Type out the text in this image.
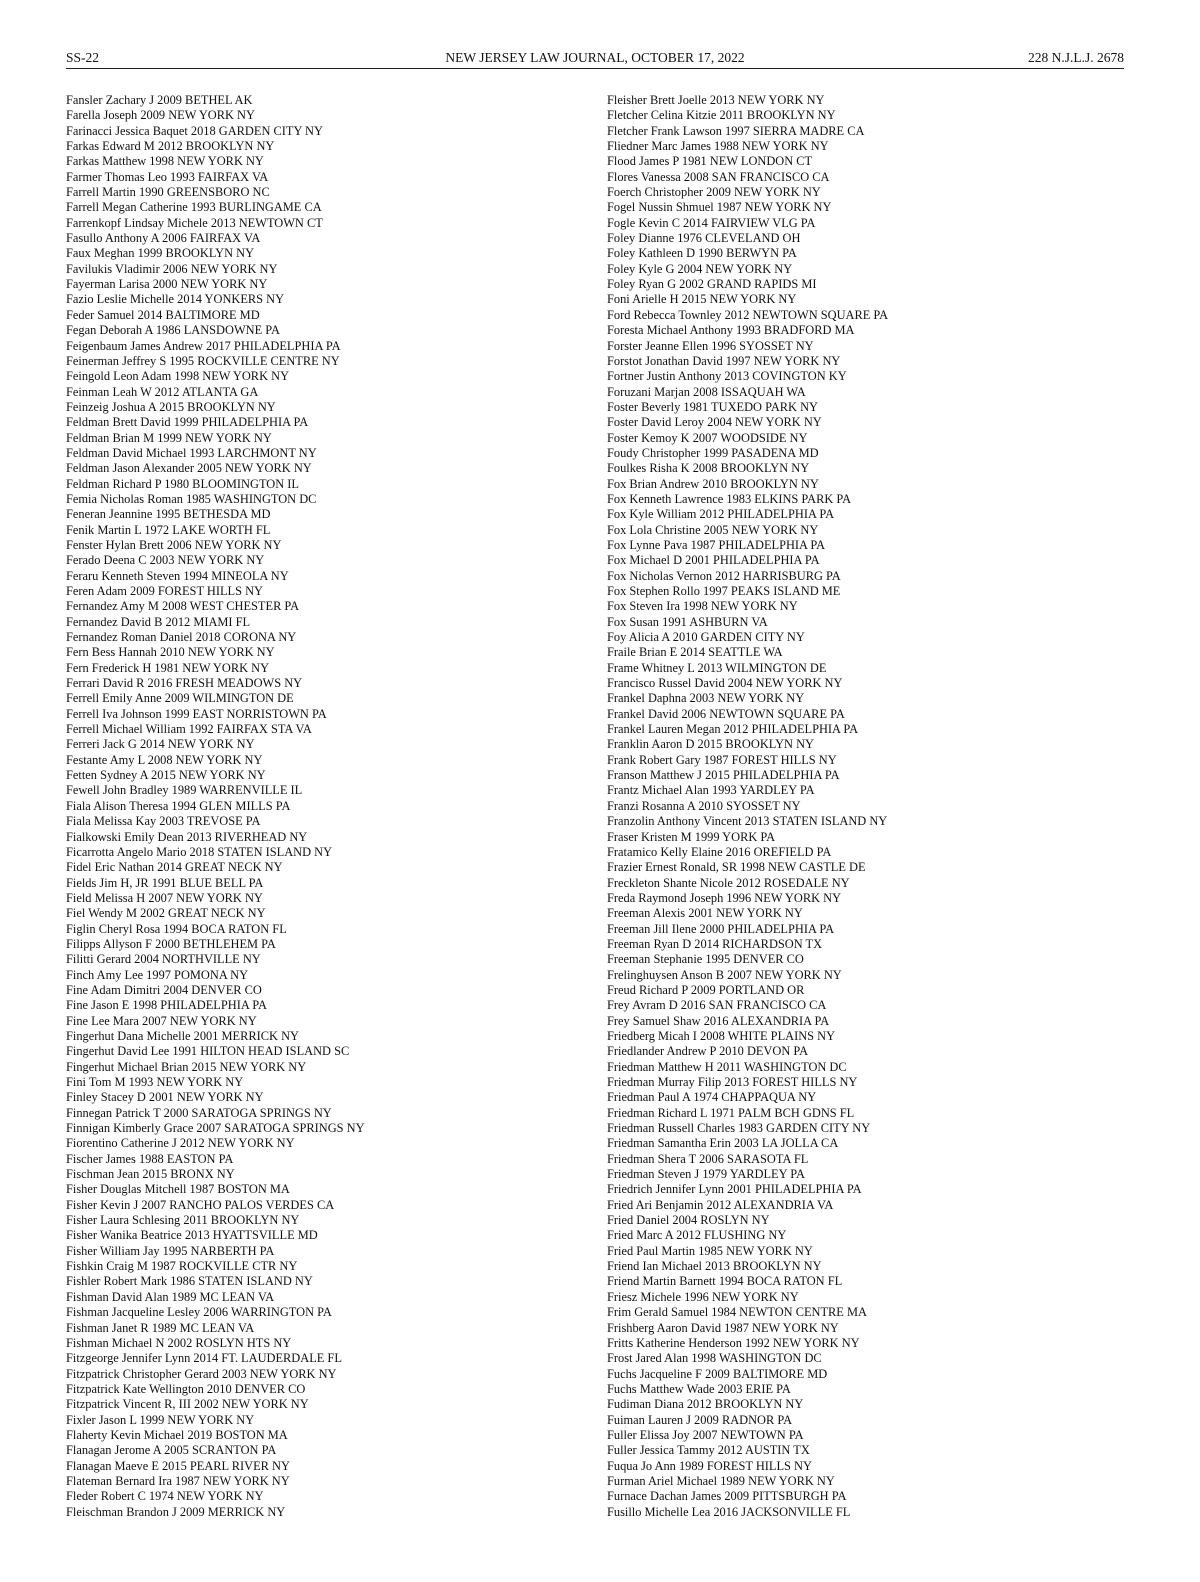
SS-22	NEW JERSEY LAW JOURNAL, OCTOBER 17, 2022	228 N.J.L.J. 2678
Fansler Zachary J 2009 BETHEL AK
Farella Joseph 2009 NEW YORK NY
Farinacci Jessica Baquet 2018 GARDEN CITY NY
Farkas Edward M 2012 BROOKLYN NY
Farkas Matthew 1998 NEW YORK NY
Farmer Thomas Leo 1993 FAIRFAX VA
Farrell Martin 1990 GREENSBORO NC
Farrell Megan Catherine 1993 BURLINGAME CA
Farrenkopf Lindsay Michele 2013 NEWTOWN CT
Fasullo Anthony A 2006 FAIRFAX VA
Faux Meghan 1999 BROOKLYN NY
Favilukis Vladimir 2006 NEW YORK NY
Fayerman Larisa 2000 NEW YORK NY
Fazio Leslie Michelle 2014 YONKERS NY
Feder Samuel 2014 BALTIMORE MD
Fegan Deborah A 1986 LANSDOWNE PA
Feigenbaum James Andrew 2017 PHILADELPHIA PA
Feinerman Jeffrey S 1995 ROCKVILLE CENTRE NY
Feingold Leon Adam 1998 NEW YORK NY
Feinman Leah W 2012 ATLANTA GA
Feinzeig Joshua A 2015 BROOKLYN NY
Feldman Brett David 1999 PHILADELPHIA PA
Feldman Brian M 1999 NEW YORK NY
Feldman David Michael 1993 LARCHMONT NY
Feldman Jason Alexander 2005 NEW YORK NY
Feldman Richard P 1980 BLOOMINGTON IL
Femia Nicholas Roman 1985 WASHINGTON DC
Feneran Jeannine 1995 BETHESDA MD
Fenik Martin L 1972 LAKE WORTH FL
Fenster Hylan Brett 2006 NEW YORK NY
Ferado Deena C 2003 NEW YORK NY
Feraru Kenneth Steven 1994 MINEOLA NY
Feren Adam 2009 FOREST HILLS NY
Fernandez Amy M 2008 WEST CHESTER PA
Fernandez David B 2012 MIAMI FL
Fernandez Roman Daniel 2018 CORONA NY
Fern Bess Hannah 2010 NEW YORK NY
Fern Frederick H 1981 NEW YORK NY
Ferrari David R 2016 FRESH MEADOWS NY
Ferrell Emily Anne 2009 WILMINGTON DE
Ferrell Iva Johnson 1999 EAST NORRISTOWN PA
Ferrell Michael William 1992 FAIRFAX STA VA
Ferreri Jack G 2014 NEW YORK NY
Festante Amy L 2008 NEW YORK NY
Fetten Sydney A 2015 NEW YORK NY
Fewell John Bradley 1989 WARRENVILLE IL
Fiala Alison Theresa 1994 GLEN MILLS PA
Fiala Melissa Kay 2003 TREVOSE PA
Fialkowski Emily Dean 2013 RIVERHEAD NY
Ficarrotta Angelo Mario 2018 STATEN ISLAND NY
Fidel Eric Nathan 2014 GREAT NECK NY
Fields Jim H, JR 1991 BLUE BELL PA
Field Melissa H 2007 NEW YORK NY
Fiel Wendy M 2002 GREAT NECK NY
Figlin Cheryl Rosa 1994 BOCA RATON FL
Filipps Allyson F 2000 BETHLEHEM PA
Filitti Gerard 2004 NORTHVILLE NY
Finch Amy Lee 1997 POMONA NY
Fine Adam Dimitri 2004 DENVER CO
Fine Jason E 1998 PHILADELPHIA PA
Fine Lee Mara 2007 NEW YORK NY
Fingerhut Dana Michelle 2001 MERRICK NY
Fingerhut David Lee 1991 HILTON HEAD ISLAND SC
Fingerhut Michael Brian 2015 NEW YORK NY
Fini Tom M 1993 NEW YORK NY
Finley Stacey D 2001 NEW YORK NY
Finnegan Patrick T 2000 SARATOGA SPRINGS NY
Finnigan Kimberly Grace 2007 SARATOGA SPRINGS NY
Fiorentino Catherine J 2012 NEW YORK NY
Fischer James 1988 EASTON PA
Fischman Jean 2015 BRONX NY
Fisher Douglas Mitchell 1987 BOSTON MA
Fisher Kevin J 2007 RANCHO PALOS VERDES CA
Fisher Laura Schlesing 2011 BROOKLYN NY
Fisher Wanika Beatrice 2013 HYATTSVILLE MD
Fisher William Jay 1995 NARBERTH PA
Fishkin Craig M 1987 ROCKVILLE CTR NY
Fishler Robert Mark 1986 STATEN ISLAND NY
Fishman David Alan 1989 MC LEAN VA
Fishman Jacqueline Lesley 2006 WARRINGTON PA
Fishman Janet R 1989 MC LEAN VA
Fishman Michael N 2002 ROSLYN HTS NY
Fitzgeorge Jennifer Lynn 2014 FT. LAUDERDALE FL
Fitzpatrick Christopher Gerard 2003 NEW YORK NY
Fitzpatrick Kate Wellington 2010 DENVER CO
Fitzpatrick Vincent R, III 2002 NEW YORK NY
Fixler Jason L 1999 NEW YORK NY
Flaherty Kevin Michael 2019 BOSTON MA
Flanagan Jerome A 2005 SCRANTON PA
Flanagan Maeve E 2015 PEARL RIVER NY
Flateman Bernard Ira 1987 NEW YORK NY
Fleder Robert C 1974 NEW YORK NY
Fleischman Brandon J 2009 MERRICK NY
Fleisher Brett Joelle 2013 NEW YORK NY
Fletcher Celina Kitzie 2011 BROOKLYN NY
Fletcher Frank Lawson 1997 SIERRA MADRE CA
Fliedner Marc James 1988 NEW YORK NY
Flood James P 1981 NEW LONDON CT
Flores Vanessa 2008 SAN FRANCISCO CA
Foerch Christopher 2009 NEW YORK NY
Fogel Nussin Shmuel 1987 NEW YORK NY
Fogle Kevin C 2014 FAIRVIEW VLG PA
Foley Dianne 1976 CLEVELAND OH
Foley Kathleen D 1990 BERWYN PA
Foley Kyle G 2004 NEW YORK NY
Foley Ryan G 2002 GRAND RAPIDS MI
Foni Arielle H 2015 NEW YORK NY
Ford Rebecca Townley 2012 NEWTOWN SQUARE PA
Foresta Michael Anthony 1993 BRADFORD MA
Forster Jeanne Ellen 1996 SYOSSET NY
Forstot Jonathan David 1997 NEW YORK NY
Fortner Justin Anthony 2013 COVINGTON KY
Foruzani Marjan 2008 ISSAQUAH WA
Foster Beverly 1981 TUXEDO PARK NY
Foster David Leroy 2004 NEW YORK NY
Foster Kemoy K 2007 WOODSIDE NY
Foudy Christopher 1999 PASADENA MD
Foulkes Risha K 2008 BROOKLYN NY
Fox Brian Andrew 2010 BROOKLYN NY
Fox Kenneth Lawrence 1983 ELKINS PARK PA
Fox Kyle William 2012 PHILADELPHIA PA
Fox Lola Christine 2005 NEW YORK NY
Fox Lynne Pava 1987 PHILADELPHIA PA
Fox Michael D 2001 PHILADELPHIA PA
Fox Nicholas Vernon 2012 HARRISBURG PA
Fox Stephen Rollo 1997 PEAKS ISLAND ME
Fox Steven Ira 1998 NEW YORK NY
Fox Susan 1991 ASHBURN VA
Foy Alicia A 2010 GARDEN CITY NY
Fraile Brian E 2014 SEATTLE WA
Frame Whitney L 2013 WILMINGTON DE
Francisco Russel David 2004 NEW YORK NY
Frankel Daphna 2003 NEW YORK NY
Frankel David 2006 NEWTOWN SQUARE PA
Frankel Lauren Megan 2012 PHILADELPHIA PA
Franklin Aaron D 2015 BROOKLYN NY
Frank Robert Gary 1987 FOREST HILLS NY
Franson Matthew J 2015 PHILADELPHIA PA
Frantz Michael Alan 1993 YARDLEY PA
Franzi Rosanna A 2010 SYOSSET NY
Franzolin Anthony Vincent 2013 STATEN ISLAND NY
Fraser Kristen M 1999 YORK PA
Fratamico Kelly Elaine 2016 OREFIELD PA
Frazier Ernest Ronald, SR 1998 NEW CASTLE DE
Freckleton Shante Nicole 2012 ROSEDALE NY
Freda Raymond Joseph 1996 NEW YORK NY
Freeman Alexis 2001 NEW YORK NY
Freeman Jill Ilene 2000 PHILADELPHIA PA
Freeman Ryan D 2014 RICHARDSON TX
Freeman Stephanie 1995 DENVER CO
Frelinghuysen Anson B 2007 NEW YORK NY
Freud Richard P 2009 PORTLAND OR
Frey Avram D 2016 SAN FRANCISCO CA
Frey Samuel Shaw 2016 ALEXANDRIA PA
Friedberg Micah I 2008 WHITE PLAINS NY
Friedlander Andrew P 2010 DEVON PA
Friedman Matthew H 2011 WASHINGTON DC
Friedman Murray Filip 2013 FOREST HILLS NY
Friedman Paul A 1974 CHAPPAQUA NY
Friedman Richard L 1971 PALM BCH GDNS FL
Friedman Russell Charles 1983 GARDEN CITY NY
Friedman Samantha Erin 2003 LA JOLLA CA
Friedman Shera T 2006 SARASOTA FL
Friedman Steven J 1979 YARDLEY PA
Friedrich Jennifer Lynn 2001 PHILADELPHIA PA
Fried Ari Benjamin 2012 ALEXANDRIA VA
Fried Daniel 2004 ROSLYN NY
Fried Marc A 2012 FLUSHING NY
Fried Paul Martin 1985 NEW YORK NY
Friend Ian Michael 2013 BROOKLYN NY
Friend Martin Barnett 1994 BOCA RATON FL
Friesz Michele 1996 NEW YORK NY
Frim Gerald Samuel 1984 NEWTON CENTRE MA
Frishberg Aaron David 1987 NEW YORK NY
Fritts Katherine Henderson 1992 NEW YORK NY
Frost Jared Alan 1998 WASHINGTON DC
Fuchs Jacqueline F 2009 BALTIMORE MD
Fuchs Matthew Wade 2003 ERIE PA
Fudiman Diana 2012 BROOKLYN NY
Fuiman Lauren J 2009 RADNOR PA
Fuller Elissa Joy 2007 NEWTOWN PA
Fuller Jessica Tammy 2012 AUSTIN TX
Fuqua Jo Ann 1989 FOREST HILLS NY
Furman Ariel Michael 1989 NEW YORK NY
Furnace Dachan James 2009 PITTSBURGH PA
Fusillo Michelle Lea 2016 JACKSONVILLE FL
